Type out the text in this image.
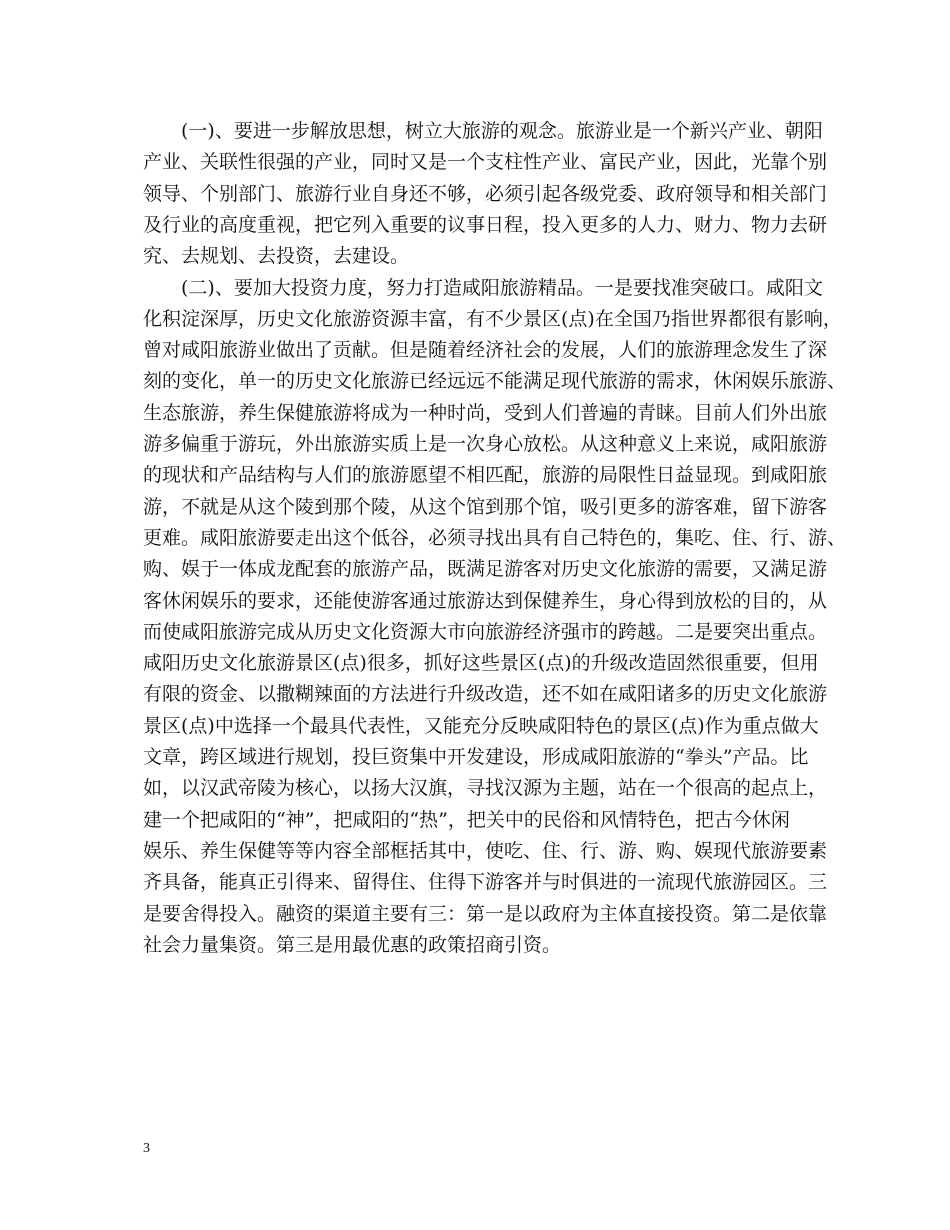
(一)、要进一步解放思想，树立大旅游的观念。旅游业是一个新兴产业、朝阳
产业、关联性很强的产业，同时又是一个支柱性产业、富民产业，因此，光靠个别
领导、个别部门、旅游行业自身还不够，必须引起各级党委、政府领导和相关部门
及行业的高度重视，把它列入重要的议事日程，投入更多的人力、财力、物力去研
究、去规划、去投资，去建设。
(二)、要加大投资力度，努力打造咸阳旅游精品。一是要找准突破口。咸阳文
化积淀深厚，历史文化旅游资源丰富，有不少景区(点)在全国乃指世界都很有影响，
曾对咸阳旅游业做出了贡献。但是随着经济社会的发展，人们的旅游理念发生了深
刻的变化，单一的历史文化旅游已经远远不能满足现代旅游的需求，休闲娱乐旅游、
生态旅游，养生保健旅游将成为一种时尚，受到人们普遍的青睐。目前人们外出旅
游多偏重于游玩，外出旅游实质上是一次身心放松。从这种意义上来说，咸阳旅游
的现状和产品结构与人们的旅游愿望不相匹配，旅游的局限性日益显现。到咸阳旅
游，不就是从这个陵到那个陵，从这个馆到那个馆，吸引更多的游客难，留下游客
更难。咸阳旅游要走出这个低谷，必须寻找出具有自己特色的，集吃、住、行、游、
购、娱于一体成龙配套的旅游产品，既满足游客对历史文化旅游的需要，又满足游
客休闲娱乐的要求，还能使游客通过旅游达到保健养生，身心得到放松的目的，从
而使咸阳旅游完成从历史文化资源大市向旅游经济强市的跨越。二是要突出重点。
咸阳历史文化旅游景区(点)很多，抓好这些景区(点)的升级改造固然很重要，但用
有限的资金、以撒糊辣面的方法进行升级改造，还不如在咸阳诸多的历史文化旅游
景区(点)中选择一个最具代表性，又能充分反映咸阳特色的景区(点)作为重点做大
文章，跨区域进行规划，投巨资集中开发建设，形成咸阳旅游的“拳头”产品。比
如，以汉武帝陵为核心，以扬大汉旗，寻找汉源为主题，站在一个很高的起点上，
建一个把咸阳的“神”，把咸阳的“热”，把关中的民俗和风情特色，把古今休闲
娱乐、养生保健等等内容全部框括其中，使吃、住、行、游、购、娱现代旅游要素
齐具备，能真正引得来、留得住、住得下游客并与时俱进的一流现代旅游园区。三
是要舍得投入。融资的渠道主要有三：第一是以政府为主体直接投资。第二是依靠
社会力量集资。第三是用最优惠的政策招商引资。
3
